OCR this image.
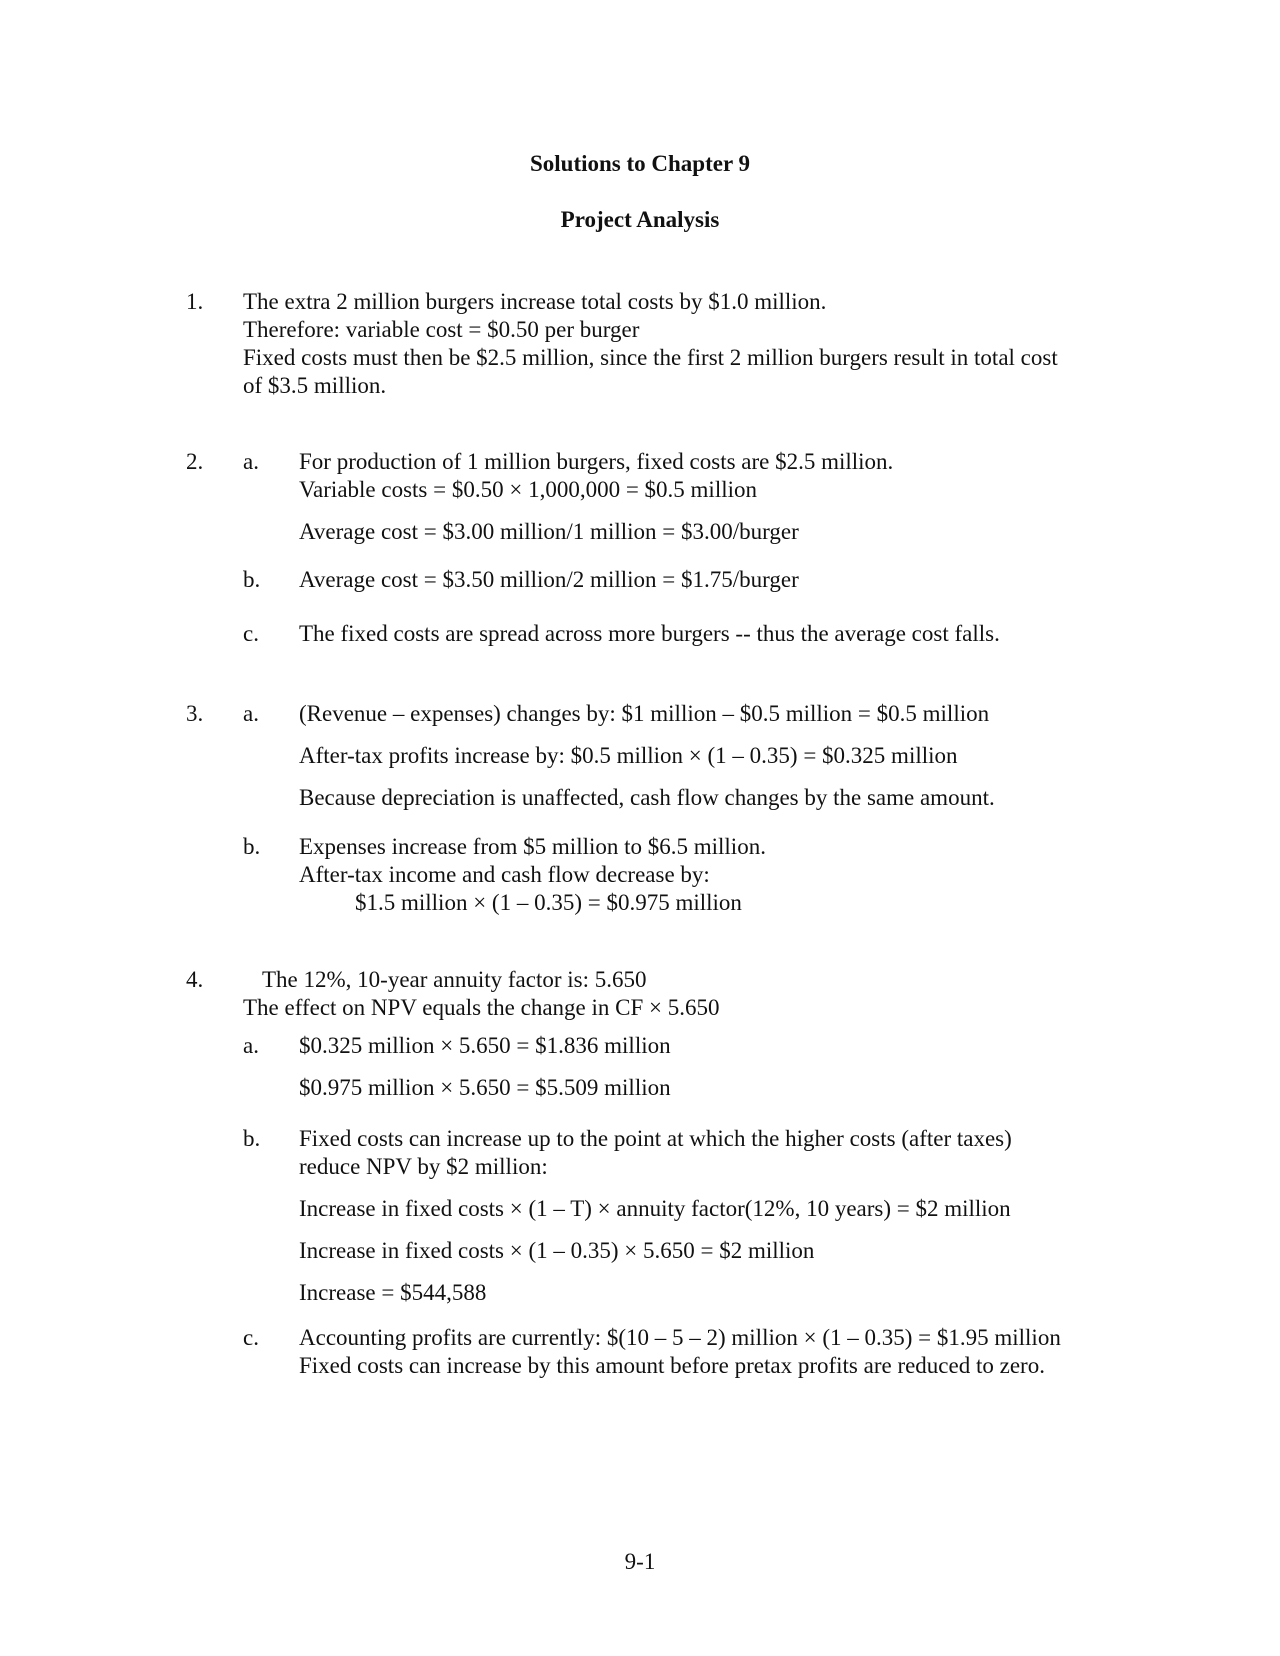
Solutions to Chapter 9
Project Analysis
1. The extra 2 million burgers increase total costs by $1.0 million.
Therefore: variable cost = $0.50 per burger
Fixed costs must then be $2.5 million, since the first 2 million burgers result in total cost
of $3.5 million.
2. a. For production of 1 million burgers, fixed costs are $2.5 million.
Variable costs = $0.50 × 1,000,000 = $0.5 million
Average cost = $3.00 million/1 million = $3.00/burger
b. Average cost = $3.50 million/2 million = $1.75/burger
c. The fixed costs are spread across more burgers -- thus the average cost falls.
3. a. (Revenue – expenses) changes by: $1 million – $0.5 million = $0.5 million
After-tax profits increase by: $0.5 million × (1 – 0.35) = $0.325 million
Because depreciation is unaffected, cash flow changes by the same amount.
b. Expenses increase from $5 million to $6.5 million.
After-tax income and cash flow decrease by:
$1.5 million × (1 – 0.35) = $0.975 million
4.	The 12%, 10-year annuity factor is: 5.650
The effect on NPV equals the change in CF × 5.650
a. $0.325 million × 5.650 = $1.836 million
$0.975 million × 5.650 = $5.509 million
b. Fixed costs can increase up to the point at which the higher costs (after taxes)
reduce NPV by $2 million:
Increase in fixed costs × (1 – T) × annuity factor(12%, 10 years) = $2 million
Increase in fixed costs × (1 – 0.35) × 5.650 = $2 million
Increase = $544,588
c. Accounting profits are currently: $(10 – 5 – 2) million × (1 – 0.35) = $1.95 million
Fixed costs can increase by this amount before pretax profits are reduced to zero.
9-1
